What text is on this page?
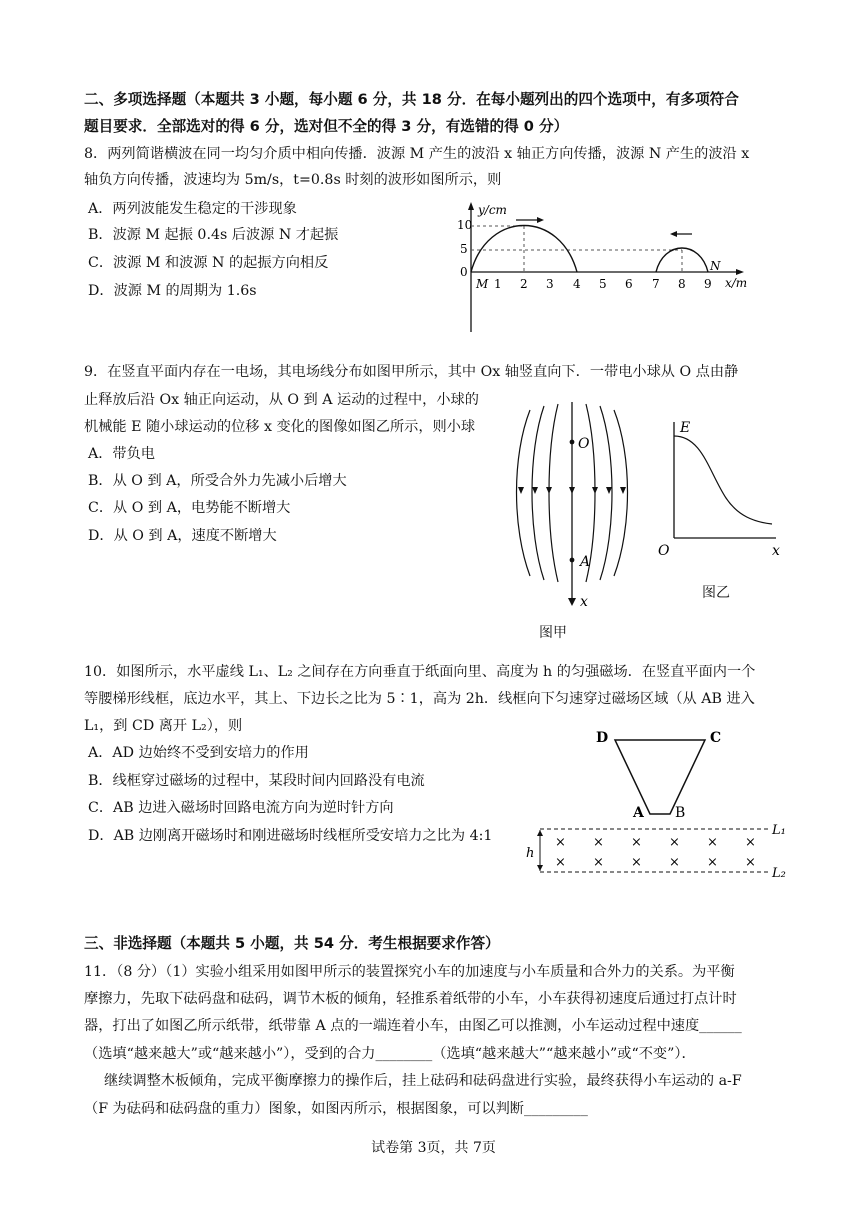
二、多项选择题（本题共 3 小题，每小题 6 分，共 18 分．在每小题列出的四个选项中，有多项符合
题目要求．全部选对的得 6 分，选对但不全的得 3 分，有选错的得 0 分）
8．两列简谐横波在同一均匀介质中相向传播．波源 M 产生的波沿 x 轴正方向传播，波源 N 产生的波沿 x
轴负方向传播，波速均为 5m/s，t=0.8s 时刻的波形如图所示，则
A．两列波能发生稳定的干涉现象
B．波源 M 起振 0.4s 后波源 N 才起振
C．波源 M 和波源 N 的起振方向相反
D．波源 M 的周期为 1.6s
y/cm
x/m
10
5
0
M 1 2 3 4 5 6 7 8 9
N
9．在竖直平面内存在一电场，其电场线分布如图甲所示，其中 Ox 轴竖直向下．一带电小球从 O 点由静
止释放后沿 Ox 轴正向运动，从 O 到 A 运动的过程中，小球的
机械能 E 随小球运动的位移 x 变化的图像如图乙所示，则小球
A．带负电
B．从 O 到 A，所受合外力先减小后增大
C．从 O 到 A，电势能不断增大
D．从 O 到 A，速度不断增大
O
A
x
图甲
E
O	x
图乙
10．如图所示，水平虚线 L₁、L₂ 之间存在方向垂直于纸面向里、高度为 h 的匀强磁场．在竖直平面内一个
等腰梯形线框，底边水平，其上、下边长之比为 5∶1，高为 2h．线框向下匀速穿过磁场区域（从 AB 进入
L₁，到 CD 离开 L₂），则
A．AD 边始终不受到安培力的作用
B．线框穿过磁场的过程中，某段时间内回路没有电流
C．AB 边进入磁场时回路电流方向为逆时针方向
D．AB 边刚离开磁场时和刚进磁场时线框所受安培力之比为 4:1
D	C
A B
L₁
L₂
h
× × × × × ×
× × × × × ×
三、非选择题（本题共 5 小题，共 54 分．考生根据要求作答）
11．（8 分）（1）实验小组采用如图甲所示的装置探究小车的加速度与小车质量和合外力的关系。为平衡
摩擦力，先取下砝码盘和砝码，调节木板的倾角，轻推系着纸带的小车，小车获得初速度后通过打点计时
器，打出了如图乙所示纸带，纸带靠 A 点的一端连着小车，由图乙可以推测，小车运动过程中速度______
（选填“越来越大”或“越来越小”），受到的合力________（选填“越来越大”“越来越小”或“不变”）．
继续调整木板倾角，完成平衡摩擦力的操作后，挂上砝码和砝码盘进行实验，最终获得小车运动的 a-F
（F 为砝码和砝码盘的重力）图象，如图丙所示，根据图象，可以判断_________
试卷第 3页，共 7页
